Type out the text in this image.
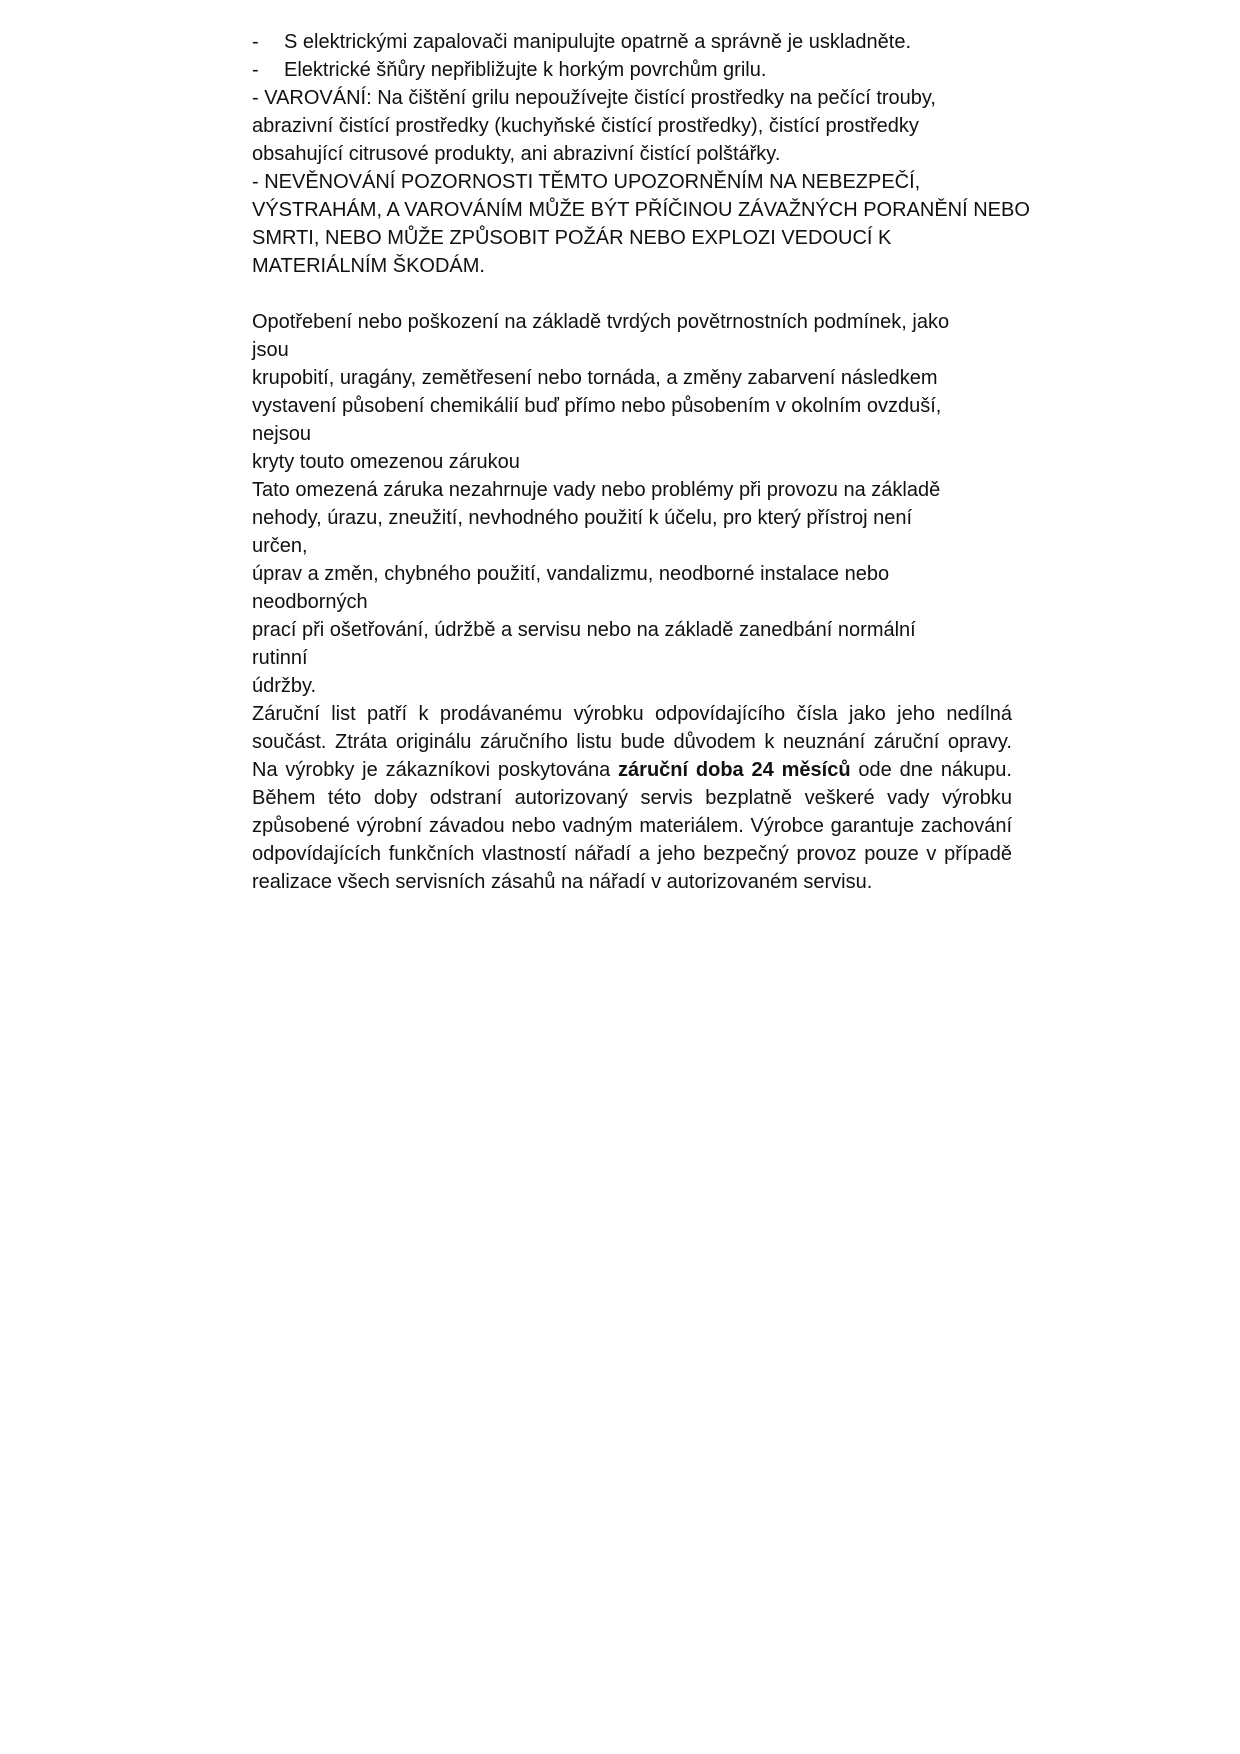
-	S elektrickými zapalovači manipulujte opatrně a správně je uskladněte.
-	Elektrické šňůry nepřibližujte k horkým povrchům grilu.
- VAROVÁNÍ: Na čištění grilu nepoužívejte čistící prostředky na pečící trouby,
abrazivní čistící prostředky (kuchyňské čistící prostředky), čistící prostředky
obsahující citrusové produkty, ani abrazivní čistící polštářky.
- NEVĚNOVÁNÍ POZORNOSTI TĚMTO UPOZORNĚNÍM NA NEBEZPEČÍ,
VÝSTRAHÁM, A VAROVÁNÍM MŮŽE BÝT PŘÍČINOU ZÁVAŽNÝCH PORANĚNÍ NEBO
SMRTI, NEBO MŮŽE ZPŮSOBIT POŽÁR NEBO EXPLOZI VEDOUCÍ K
MATERIÁLNÍM ŠKODÁM.
Opotřebení nebo poškození na základě tvrdých povětrnostních podmínek, jako
jsou
krupobití, uragány, zemětřesení nebo tornáda, a změny zabarvení následkem
vystavení působení chemikálií buď přímo nebo působením v okolním ovzduší,
nejsou
kryty touto omezenou zárukou
Tato omezená záruka nezahrnuje vady nebo problémy při provozu na základě
nehody, úrazu, zneužití, nevhodného použití k účelu, pro který přístroj není
určen,
úprav a změn, chybného použití, vandalizmu, neodborné instalace nebo
neodborných
prací při ošetřování, údržbě a servisu nebo na základě zanedbání normální
rutinní
údržby.

Záruční list patří k prodávanému výrobku odpovídajícího čísla jako jeho nedílná součást. Ztráta originálu záručního listu bude důvodem k neuznání záruční opravy. Na výrobky je zákazníkovi poskytována záruční doba 24 měsíců ode dne nákupu. Během této doby odstraní autorizovaný servis bezplatně veškeré vady výrobku způsobené výrobní závadou nebo vadným materiálem. Výrobce garantuje zachování odpovídajících funkčních vlastností nářadí a jeho bezpečný provoz pouze v případě realizace všech servisních zásahů na nářadí v autorizovaném servisu.
